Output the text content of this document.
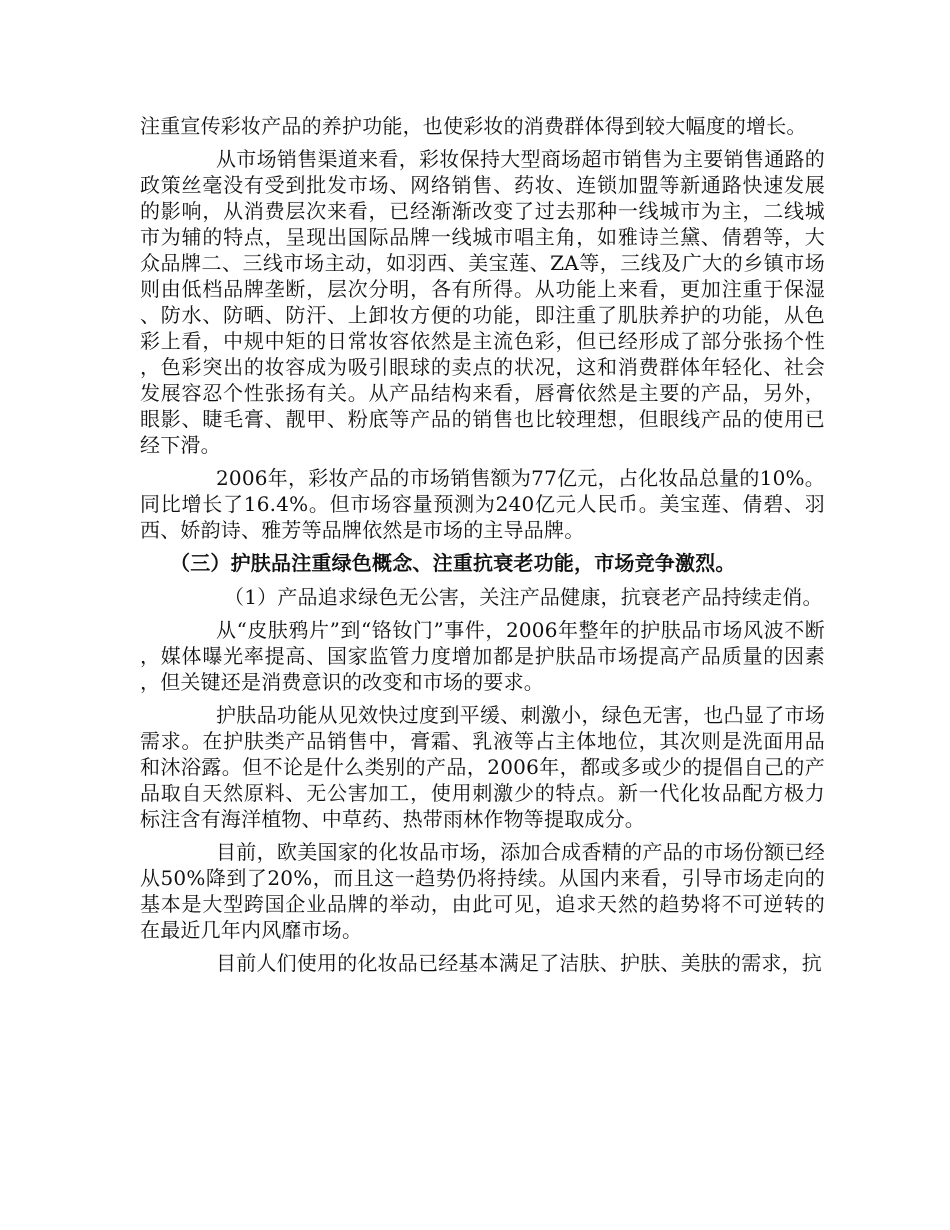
注重宣传彩妆产品的养护功能，也使彩妆的消费群体得到较大幅度的增长。

从市场销售渠道来看，彩妆保持大型商场超市销售为主要销售通路的政策丝毫没有受到批发市场、网络销售、药妆、连锁加盟等新通路快速发展的影响，从消费层次来看，已经渐渐改变了过去那种一线城市为主，二线城市为辅的特点，呈现出国际品牌一线城市唱主角，如雅诗兰黛、倩碧等，大众品牌二、三线市场主动，如羽西、美宝莲、ZA等，三线及广大的乡镇市场则由低档品牌垄断，层次分明，各有所得。从功能上来看，更加注重于保湿、防水、防晒、防汗、上卸妆方便的功能，即注重了肌肤养护的功能，从色彩上看，中规中矩的日常妆容依然是主流色彩，但已经形成了部分张扬个性，色彩突出的妆容成为吸引眼球的卖点的状况，这和消费群体年轻化、社会发展容忍个性张扬有关。从产品结构来看，唇膏依然是主要的产品，另外，眼影、睫毛膏、靓甲、粉底等产品的销售也比较理想，但眼线产品的使用已经下滑。

2006年，彩妆产品的市场销售额为77亿元，占化妆品总量的10%。同比增长了16.4%。但市场容量预测为240亿元人民币。美宝莲、倩碧、羽西、娇韵诗、雅芳等品牌依然是市场的主导品牌。

（三）护肤品注重绿色概念、注重抗衰老功能，市场竞争激烈。

（1）产品追求绿色无公害，关注产品健康，抗衰老产品持续走俏。

从“皮肤鸦片”到“铬钕门”事件，2006年整年的护肤品市场风波不断，媒体曝光率提高、国家监管力度增加都是护肤品市场提高产品质量的因素，但关键还是消费意识的改变和市场的要求。

护肤品功能从见效快过度到平缓、刺激小，绿色无害，也凸显了市场需求。在护肤类产品销售中，膏霜、乳液等占主体地位，其次则是洗面用品和沐浴露。但不论是什么类别的产品，2006年，都或多或少的提倡自己的产品取自天然原料、无公害加工，使用刺激少的特点。新一代化妆品配方极力标注含有海洋植物、中草药、热带雨林作物等提取成分。

目前，欧美国家的化妆品市场，添加合成香精的产品的市场份额已经从50%降到了20%，而且这一趋势仍将持续。从国内来看，引导市场走向的基本是大型跨国企业品牌的举动，由此可见，追求天然的趋势将不可逆转的在最近几年内风靡市场。

目前人们使用的化妆品已经基本满足了洁肤、护肤、美肤的需求，抗
